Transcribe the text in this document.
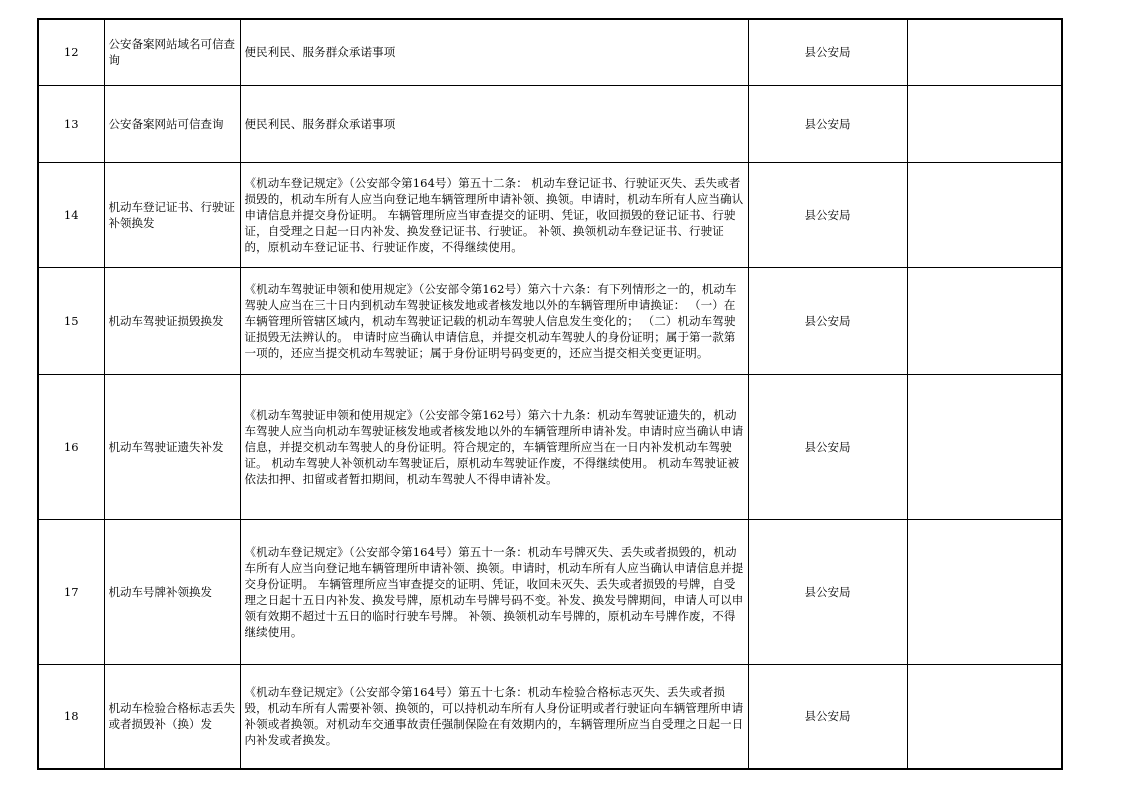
12	公安备案网站域名可信查询	便民利民、服务群众承诺事项	县公安局	
13	公安备案网站可信查询	便民利民、服务群众承诺事项	县公安局	
14	机动车登记证书、行驶证补领换发	《机动车登记规定》（公安部令第164号）第五十二条： 机动车登记证书、行驶证灭失、丢失或者损毁的，机动车所有人应当向登记地车辆管理所申请补领、换领。申请时，机动车所有人应当确认申请信息并提交身份证明。 车辆管理所应当审查提交的证明、凭证，收回损毁的登记证书、行驶证，自受理之日起一日内补发、换发登记证书、行驶证。 补领、换领机动车登记证书、行驶证的，原机动车登记证书、行驶证作废，不得继续使用。	县公安局	
15	机动车驾驶证损毁换发	《机动车驾驶证申领和使用规定》（公安部令第162号）第六十六条：有下列情形之一的，机动车驾驶人应当在三十日内到机动车驾驶证核发地或者核发地以外的车辆管理所申请换证： （一）在车辆管理所管辖区域内，机动车驾驶证记载的机动车驾驶人信息发生变化的； （二）机动车驾驶证损毁无法辨认的。 申请时应当确认申请信息，并提交机动车驾驶人的身份证明；属于第一款第一项的，还应当提交机动车驾驶证；属于身份证明号码变更的，还应当提交相关变更证明。	县公安局	
16	机动车驾驶证遗失补发	《机动车驾驶证申领和使用规定》（公安部令第162号）第六十九条：机动车驾驶证遗失的，机动车驾驶人应当向机动车驾驶证核发地或者核发地以外的车辆管理所申请补发。申请时应当确认申请信息，并提交机动车驾驶人的身份证明。符合规定的，车辆管理所应当在一日内补发机动车驾驶证。 机动车驾驶人补领机动车驾驶证后，原机动车驾驶证作废，不得继续使用。 机动车驾驶证被依法扣押、扣留或者暂扣期间，机动车驾驶人不得申请补发。	县公安局	
17	机动车号牌补领换发	《机动车登记规定》（公安部令第164号）第五十一条：机动车号牌灭失、丢失或者损毁的，机动车所有人应当向登记地车辆管理所申请补领、换领。申请时，机动车所有人应当确认申请信息并提交身份证明。 车辆管理所应当审查提交的证明、凭证，收回未灭失、丢失或者损毁的号牌，自受理之日起十五日内补发、换发号牌，原机动车号牌号码不变。补发、换发号牌期间，申请人可以申领有效期不超过十五日的临时行驶车号牌。 补领、换领机动车号牌的，原机动车号牌作废，不得继续使用。	县公安局	
18	机动车检验合格标志丢失或者损毁补（换）发	《机动车登记规定》（公安部令第164号）第五十七条：机动车检验合格标志灭失、丢失或者损毁，机动车所有人需要补领、换领的，可以持机动车所有人身份证明或者行驶证向车辆管理所申请补领或者换领。对机动车交通事故责任强制保险在有效期内的，车辆管理所应当自受理之日起一日内补发或者换发。	县公安局	
